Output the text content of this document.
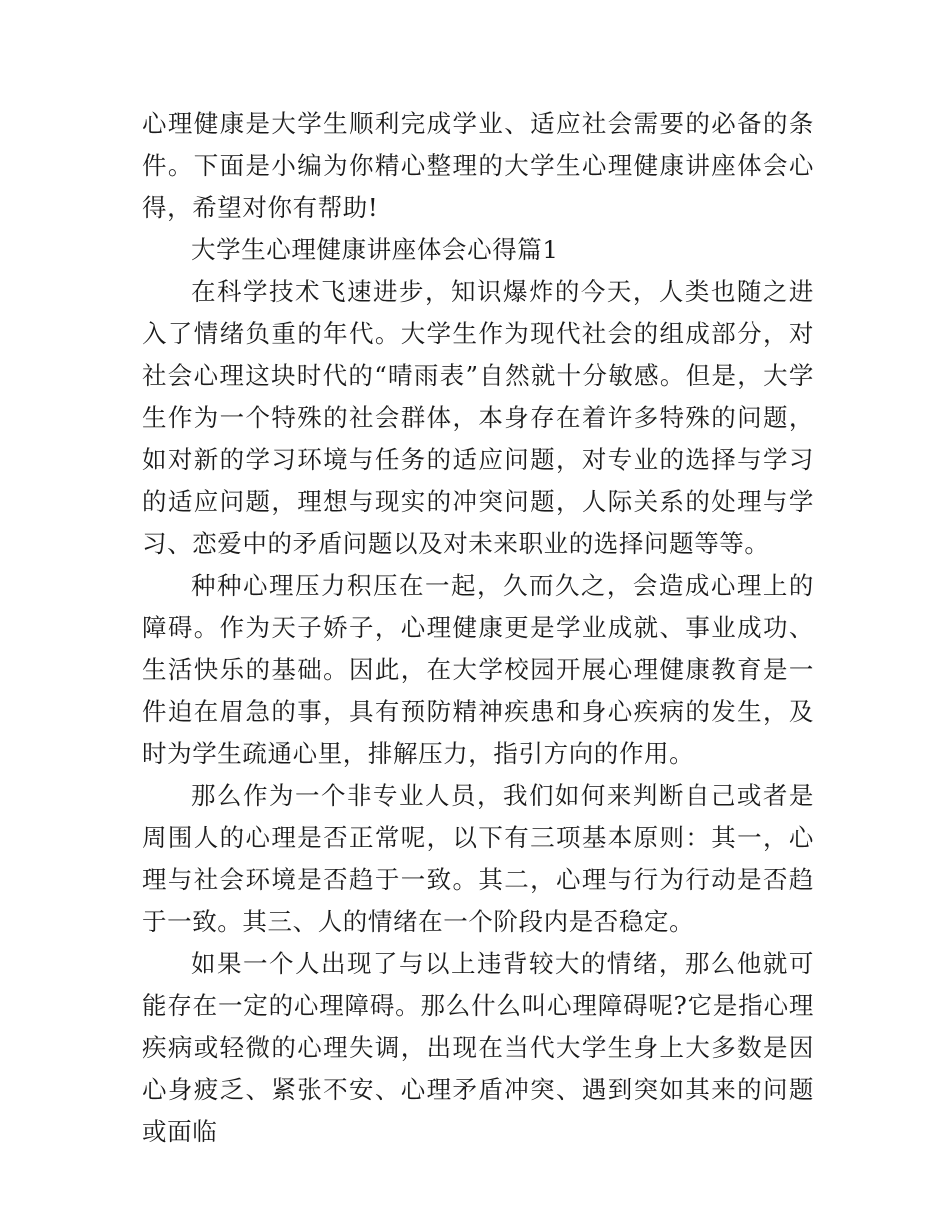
心理健康是大学生顺利完成学业、适应社会需要的必备的条件。下面是小编为你精心整理的大学生心理健康讲座体会心得，希望对你有帮助!

大学生心理健康讲座体会心得篇1

在科学技术飞速进步，知识爆炸的今天，人类也随之进入了情绪负重的年代。大学生作为现代社会的组成部分，对社会心理这块时代的“晴雨表”自然就十分敏感。但是，大学生作为一个特殊的社会群体，本身存在着许多特殊的问题，如对新的学习环境与任务的适应问题，对专业的选择与学习的适应问题，理想与现实的冲突问题，人际关系的处理与学习、恋爱中的矛盾问题以及对未来职业的选择问题等等。

种种心理压力积压在一起，久而久之，会造成心理上的障碍。作为天子娇子，心理健康更是学业成就、事业成功、生活快乐的基础。因此，在大学校园开展心理健康教育是一件迫在眉急的事，具有预防精神疾患和身心疾病的发生，及时为学生疏通心里，排解压力，指引方向的作用。

那么作为一个非专业人员，我们如何来判断自己或者是周围人的心理是否正常呢，以下有三项基本原则：其一，心理与社会环境是否趋于一致。其二，心理与行为行动是否趋于一致。其三、人的情绪在一个阶段内是否稳定。

如果一个人出现了与以上违背较大的情绪，那么他就可能存在一定的心理障碍。那么什么叫心理障碍呢?它是指心理疾病或轻微的心理失调，出现在当代大学生身上大多数是因心身疲乏、紧张不安、心理矛盾冲突、遇到突如其来的问题或面临
